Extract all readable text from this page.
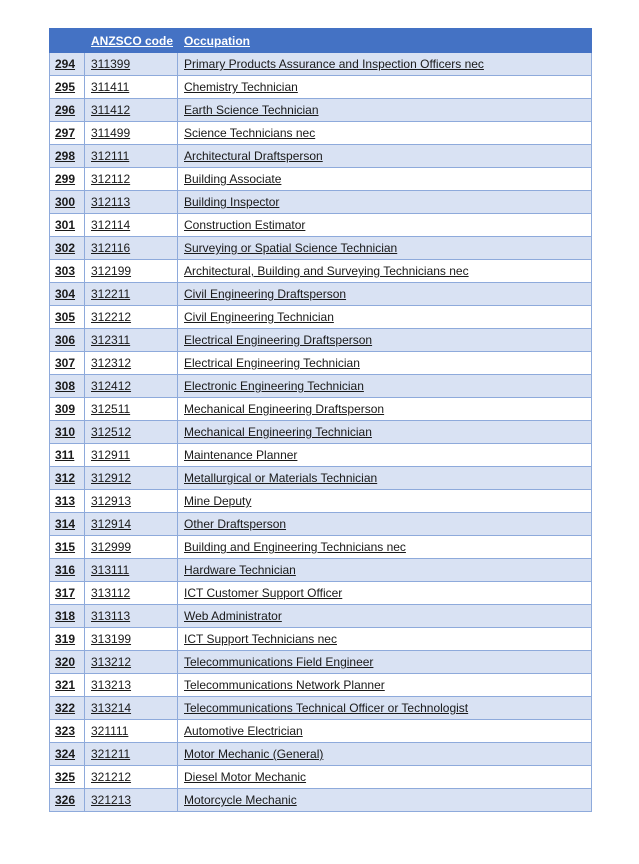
	ANZSCO code	Occupation
294	311399	Primary Products Assurance and Inspection Officers nec
295	311411	Chemistry Technician
296	311412	Earth Science Technician
297	311499	Science Technicians nec
298	312111	Architectural Draftsperson
299	312112	Building Associate
300	312113	Building Inspector
301	312114	Construction Estimator
302	312116	Surveying or Spatial Science Technician
303	312199	Architectural, Building and Surveying Technicians nec
304	312211	Civil Engineering Draftsperson
305	312212	Civil Engineering Technician
306	312311	Electrical Engineering Draftsperson
307	312312	Electrical Engineering Technician
308	312412	Electronic Engineering Technician
309	312511	Mechanical Engineering Draftsperson
310	312512	Mechanical Engineering Technician
311	312911	Maintenance Planner
312	312912	Metallurgical or Materials Technician
313	312913	Mine Deputy
314	312914	Other Draftsperson
315	312999	Building and Engineering Technicians nec
316	313111	Hardware Technician
317	313112	ICT Customer Support Officer
318	313113	Web Administrator
319	313199	ICT Support Technicians nec
320	313212	Telecommunications Field Engineer
321	313213	Telecommunications Network Planner
322	313214	Telecommunications Technical Officer or Technologist
323	321111	Automotive Electrician
324	321211	Motor Mechanic (General)
325	321212	Diesel Motor Mechanic
326	321213	Motorcycle Mechanic
